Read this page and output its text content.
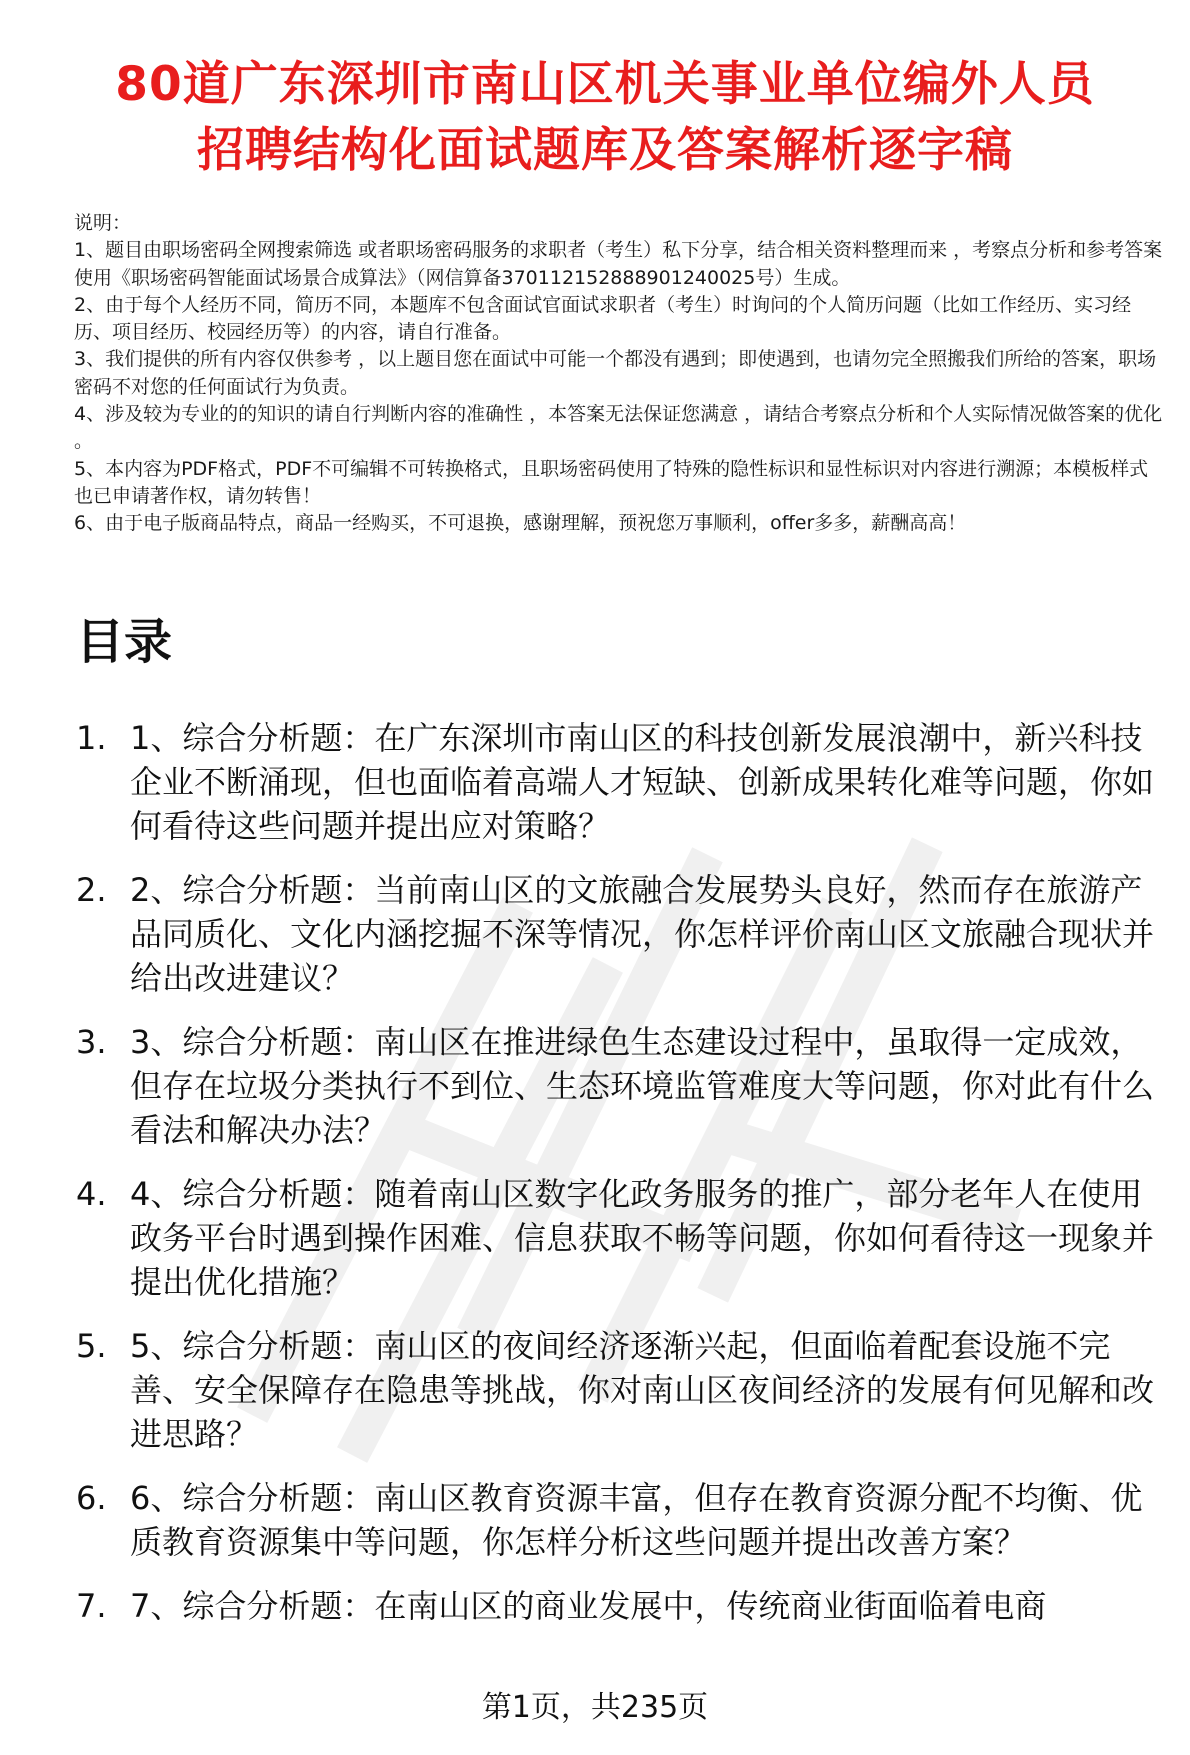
80道广东深圳市南山区机关事业单位编外人员
招聘结构化面试题库及答案解析逐字稿

说明：

1、题目由职场密码全网搜索筛选 或者职场密码服务的求职者（考生）私下分享，结合相关资料整理而来 ，考察点分析和参考答案使用《职场密码智能面试场景合成算法》（网信算备370112152888901240025号）生成。

2、由于每个人经历不同，简历不同，本题库不包含面试官面试求职者（考生）时询问的个人简历问题（比如工作经历、实习经历、项目经历、校园经历等）的内容，请自行准备。

3、我们提供的所有内容仅供参考 ，以上题目您在面试中可能一个都没有遇到；即使遇到，也请勿完全照搬我们所给的答案，职场密码不对您的任何面试行为负责。

4、涉及较为专业的的知识的请自行判断内容的准确性 ，本答案无法保证您满意 ，请结合考察点分析和个人实际情况做答案的优化 。

5、本内容为PDF格式，PDF不可编辑不可转换格式，且职场密码使用了特殊的隐性标识和显性标识对内容进行溯源；本模板样式也已申请著作权，请勿转售！

6、由于电子版商品特点，商品一经购买，不可退换，感谢理解，预祝您万事顺利，offer多多，薪酬高高！

目录
1. 1、综合分析题：在广东深圳市南山区的科技创新发展浪潮中，新兴科技企业不断涌现，但也面临着高端人才短缺、创新成果转化难等问题，你如何看待这些问题并提出应对策略？
2. 2、综合分析题：当前南山区的文旅融合发展势头良好，然而存在旅游产品同质化、文化内涵挖掘不深等情况，你怎样评价南山区文旅融合现状并给出改进建议？
3. 3、综合分析题：南山区在推进绿色生态建设过程中，虽取得一定成效，但存在垃圾分类执行不到位、生态环境监管难度大等问题，你对此有什么看法和解决办法？
4. 4、综合分析题：随着南山区数字化政务服务的推广，部分老年人在使用政务平台时遇到操作困难、信息获取不畅等问题，你如何看待这一现象并提出优化措施？
5. 5、综合分析题：南山区的夜间经济逐渐兴起，但面临着配套设施不完善、安全保障存在隐患等挑战，你对南山区夜间经济的发展有何见解和改进思路？
6. 6、综合分析题：南山区教育资源丰富，但存在教育资源分配不均衡、优质教育资源集中等问题，你怎样分析这些问题并提出改善方案？
7. 7、综合分析题：在南山区的商业发展中，传统商业街面临着电商
第1页，共235页
